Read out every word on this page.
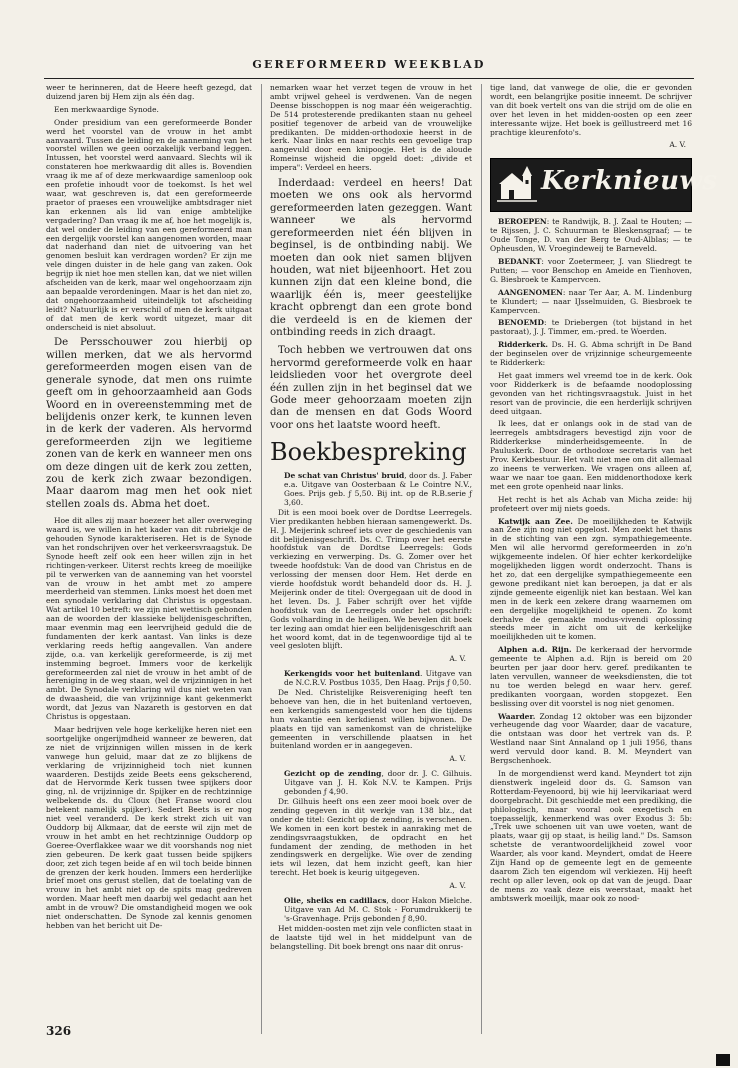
GEREFORMEERD WEEKBLAD

weer te herinneren, dat de Heere heeft gezegd, dat duizend jaren bij Hem zijn als één dag.

Een merkwaardige Synode.

Onder presidium van een gereformeerde Bonder werd het voorstel van de vrouw in het ambt aanvaard. Tussen de leiding en de aanneming van het voorstel willen we geen oorzakelijk verband leggen. Intussen, het voorstel werd aanvaard. Slechts wil ik constateren hoe merkwaardig dit alles is. Bovendien vraag ik me af of deze merkwaardige samenloop ook een profetie inhoudt voor de toekomst. Is het wel waar, wat geschreven is, dat een gereformeerde praetor of praeses een vrouwelijke ambtsdrager niet kan erkennen als lid van enige ambtelijke vergadering? Dan vraag ik me af, hoe het mogelijk is, dat wel onder de leiding van een gereformeerd man een dergelijk voorstel kan aangenomen worden, maar dat naderhand dan niet de uitvoering van het genomen besluit kan verdragen worden? Er zijn me vele dingen duister in de hele gang van zaken. Ook begrijp ik niet hoe men stellen kan, dat we niet willen afscheiden van de kerk, maar wel ongehoorzaam zijn aan bepaalde verordeningen. Maar is het dan niet zo, dat ongehoorzaamheid uiteindelijk tot afscheiding leidt? Natuurlijk is er verschil of men de kerk uitgaat of dat men de kerk wordt uitgezet, maar dit onderscheid is niet absoluut.

De Persschouwer zou hierbij op willen merken, dat we als hervormd gereformeerden mogen eisen van de generale synode, dat men ons ruimte geeft om in gehoorzaamheid aan Gods Woord en in overeenstemming met de belijdenis onzer kerk, te kunnen leven in de kerk der vaderen. Als hervormd gereformeerden zijn we legitieme zonen van de kerk en wanneer men ons om deze dingen uit de kerk zou zetten, zou de kerk zich zwaar bezondigen. Maar daarom mag men het ook niet stellen zoals ds. Abma het doet.

Hoe dit alles zij maar hoezeer het aller overweging waard is, we willen in het kader van dit rubriekje de gehouden Synode karakteriseren. Het is de Synode van het rondschrijven over het verkeersvraagstuk. De Synode heeft zelf ook een heer willen zijn in het richtingen-verkeer. Uiterst rechts kreeg de moeilijke pil te verwerken van de aanneming van het voorstel van de vrouw in het ambt met zo ampere meerderheid van stemmen. Links moest het doen met een synodale verklaring dat Christus is opgestaan. Wat artikel 10 betreft: we zijn niet wettisch gebonden aan de woorden der klassieke belijdenisgeschriften, maar evenmin mag een leervrijheid geduld die de fundamenten der kerk aantast. Van links is deze verklaring reeds heftig aangevallen. Van andere zijde, o.a. van kerkelijk gereformeerde, is zij met instemming begroet. Immers voor de kerkelijk gereformeerden zal niet de vrouw in het ambt of de hereniging in de weg staan, wel de vrijzinnigen in het ambt. De Synodale verklaring wil dus niet weten van de dwaasheid, die van vrijzinnige kant gekenmerkt wordt, dat Jezus van Nazareth is gestorven en dat Christus is opgestaan.

Maar bedrijven vele hoge kerkelijke heren niet een soortgelijke ongerijmdheid wanneer ze beweren, dat ze niet de vrijzinnigen willen missen in de kerk vanwege hun geluid, maar dat ze zo blijkens de verklaring de vrijzinnigheid toch niet kunnen waarderen. Destijds zeide Beets eens gekscherend, dat de Hervormde Kerk tussen twee spijkers door ging, nl. de vrijzinnige dr. Spijker en de rechtzinnige welbekende ds. du Cloux (het Franse woord clou betekent namelijk spijker). Sedert Beets is er nog niet veel veranderd. De kerk strekt zich uit van Ouddorp bij Alkmaar, dat de eerste wil zijn met de vrouw in het ambt en het rechtzinnige Ouddorp op Goeree-Overflakkee waar we dit voorshands nog niet zien gebeuren. De kerk gaat tussen beide spijkers door, zet zich tegen beide af en wil toch beide binnen de grenzen der kerk houden. Immers een herderlijke brief moet ons gerust stellen, dat de toelating van de vrouw in het ambt niet op de spits mag gedreven worden. Maar heeft men daarbij wel gedacht aan het ambt in de vrouw? Die omstandigheid mogen we ook niet onderschatten. De Synode zal kennis genomen hebben van het bericht uit De-

nemarken waar het verzet tegen de vrouw in het ambt vrijwel geheel is verdwenen. Van de negen Deense bisschoppen is nog maar één weigerachtig. De 514 protesterende predikanten staan nu geheel positief tegenover de arbeid van de vrouwelijke predikanten. De midden-orthodoxie heerst in de kerk. Naar links en naar rechts een gevoelige trap aangevuld door een knipoogje. Het is de aloude Romeinse wijsheid die opgeld doet: „divide et impera": Verdeel en heers.

Inderdaad: verdeel en heers! Dat moeten we ons ook als hervormd gereformeerden laten gezeggen. Want wanneer we als hervormd gereformeerden niet één blijven in beginsel, is de ontbinding nabij. We moeten dan ook niet samen blijven houden, wat niet bijeenhoort. Het zou kunnen zijn dat een kleine bond, die waarlijk één is, meer geestelijke kracht opbrengt dan een grote bond die verdeeld is en de kiemen der ontbinding reeds in zich draagt.

Toch hebben we vertrouwen dat ons hervormd gereformeerde volk en haar leidslieden voor het overgrote deel één zullen zijn in het beginsel dat we Gode meer gehoorzaam moeten zijn dan de mensen en dat Gods Woord voor ons het laatste woord heeft.

Boekbespreking
De schat van Christus' bruid, door ds. J. Faber e.a. Uitgave van Oosterbaan & Le Cointre N.V., Goes. Prijs geb. ƒ 5,50. Bij int. op de R.B.serie ƒ 3,60.

Dit is een mooi boek over de Dordtse Leerregels. Vier predikanten hebben hieraan samengewerkt. Ds. H. J. Meijerink schreef iets over de geschiedenis van dit belijdenisgeschrift. Ds. C. Trimp over het eerste hoofdstuk van de Dordtse Leerregels: Gods verkiezing en verwerping. Ds. G. Zomer over het tweede hoofdstuk: Van de dood van Christus en de verlossing der mensen door Hem. Het derde en vierde hoofdstuk wordt behandeld door ds. H. J. Meijerink onder de titel: Overgegaan uit de dood in het leven. Ds. J. Faber schrijft over het vijfde hoofdstuk van de Leerregels onder het opschrift: Gods volharding in de heiligen. We bevelen dit boek ter lezing aan omdat hier een belijdenisgeschrift aan het woord komt, dat in de tegenwoordige tijd al te veel gesloten blijft.

A. V.

Kerkengids voor het buitenland. Uitgave van de N.C.R.V. Postbus 1035, Den Haag. Prijs ƒ 0,50.

De Ned. Christelijke Reisvereniging heeft ten behoeve van hen, die in het buitenland vertoeven, een kerkengids samengesteld voor hen die tijdens hun vakantie een kerkdienst willen bijwonen. De plaats en tijd van samenkomst van de christelijke gemeenten in verschillende plaatsen in het buitenland worden er in aangegeven.

A. V.

Gezicht op de zending, door dr. J. C. Gilhuis. Uitgave van J. H. Kok N.V. te Kampen. Prijs gebonden ƒ 4,90.

Dr. Gilhuis heeft ons een zeer mooi boek over de zending gegeven in dit werkje van 138 blz., dat onder de titel: Gezicht op de zending, is verschenen. We komen in een kort bestek in aanraking met de zendingsvraagstukken, de opdracht en het fundament der zending, de methoden in het zendingswerk en dergelijke. Wie over de zending iets wil lezen, dat hem inzicht geeft, kan hier terecht. Het boek is keurig uitgegeven.

A. V.

Olie, sheiks en cadillacs, door Hakon Mielche. Uitgave van Ad M. C. Stok - Forumdrukkerij te 's-Gravenhage. Prijs gebonden ƒ 8,90.

Het midden-oosten met zijn vele conflicten staat in de laatste tijd wel in het middelpunt van de belangstelling. Dit boek brengt ons naar dit onrus-

tige land, dat vanwege de olie, die er gevonden wordt, een belangrijke positie inneemt. De schrijver van dit boek vertelt ons van die strijd om de olie en over het leven in het midden-oosten op een zeer interessante wijze. Het boek is geïllustreerd met 16 prachtige kleurenfoto's.

A. V.

Kerknieuws

BEROEPEN: te Randwijk, B. J. Zaal te Houten; — te Rijssen, J. C. Schuurman te Bleskensgraaf; — te Oude Tonge, D. van der Berg te Oud-Alblas; — te Opheusden, W. Vroegindeweij te Barneveld.

BEDANKT: voor Zoetermeer, J. van Sliedregt te Putten; — voor Benschop en Ameide en Tienhoven, G. Biesbroek te Kampervcen.

AANGENOMEN: naar Ter Aar, A. M. Lindenburg te Klundert; — naar IJsselmuiden, G. Biesbroek te Kampervcen.

BENOEMD: te Driebergen (tot bijstand in het pastoraat), J. J. Timmer, em.-pred. te Woerden.

Ridderkerk. Ds. H. G. Abma schrijft in De Band der beginselen over de vrijzinnige scheurgemeente te Ridderkerk:

Het gaat immers wel vreemd toe in de kerk. Ook voor Ridderkerk is de befaamde noodoplossing gevonden van het richtingsvraagstuk. Juist in het resort van de provincie, die een herderlijk schrijven deed uitgaan.

Ik lees, dat er onlangs ook in de stad van de leerregels ambtsdragers bevestigd zijn voor de Ridderkerkse minderheidsgemeente. In de Pauluskerk. Door de orthodoxe secretaris van het Prov. Kerkbestuur. Het valt niet mee om dit allemaal zo ineens te verwerken. We vragen ons alleen af, waar we naar toe gaan. Een middenorthodoxe kerk met een grote openheid naar links.

Het recht is het als Achab van Micha zeide: hij profeteert over mij niets goeds.

Katwijk aan Zee. De moeilijkheden te Katwijk aan Zee zijn nog niet opgelost. Men zoekt het thans in de stichting van een zgn. sympathiegemeente. Men wil alle hervormd gereformeerden in zo'n wijkgemeente indelen. Of hier echter kerkordelijke mogelijkheden liggen wordt onderzocht. Thans is het zo, dat een dergelijke sympathiegemeente een gewone predikant niet kan beroepen, ja dat er als zijnde gemeente eigenlijk niet kan bestaan. Wel kan men in de kerk een zekere drang waarnemen om een dergelijke mogelijkheid te openen. Zo komt derhalve de gemaakte modus-vivendi oplossing steeds meer in zicht om uit de kerkelijke moeilijkheden uit te komen.

Alphen a.d. Rijn. De kerkeraad der hervormde gemeente te Alphen a.d. Rijn is bereid om 20 beurten per jaar door herv. geref. predikanten te laten vervullen, wanneer de weeksdiensten, die tot nu toe werden belegd en waar herv. geref. predikanten voorgaan, worden stopgezet. Een beslissing over dit voorstel is nog niet genomen.

Waarder. Zondag 12 oktober was een bijzonder verheugende dag voor Waarder, daar de vacature, die ontstaan was door het vertrek van ds. P. Westland naar Sint Annaland op 1 juli 1956, thans werd vervuld door kand. B. M. Meyndert van Bergschenhoek.

In de morgendienst werd kand. Meyndert tot zijn dienstwerk ingeleid door ds. G. Samson van Rotterdam-Feyenoord, bij wie hij leervikariaat werd doorgebracht. Dit geschiedde met een prediking, die philologisch, maar vooral ook exegetisch en toepasselijk, kenmerkend was over Exodus 3: 5b: „Trek uwe schoenen uit van uwe voeten, want de plaats, waar gij op staat, is heilig land." Ds. Samson schetste de verantwoordelijkheid zowel voor Waarder, als voor kand. Meyndert, omdat de Heere Zijn Hand op de gemeente legt en de gemeente daarom Zich ten eigendom wil verkiezen. Hij heeft recht op aller leven, ook op dat van de jeugd. Daar de mens zo vaak deze eis weerstaat, maakt het ambtswerk moeilijk, maar ook zo nood-

326
